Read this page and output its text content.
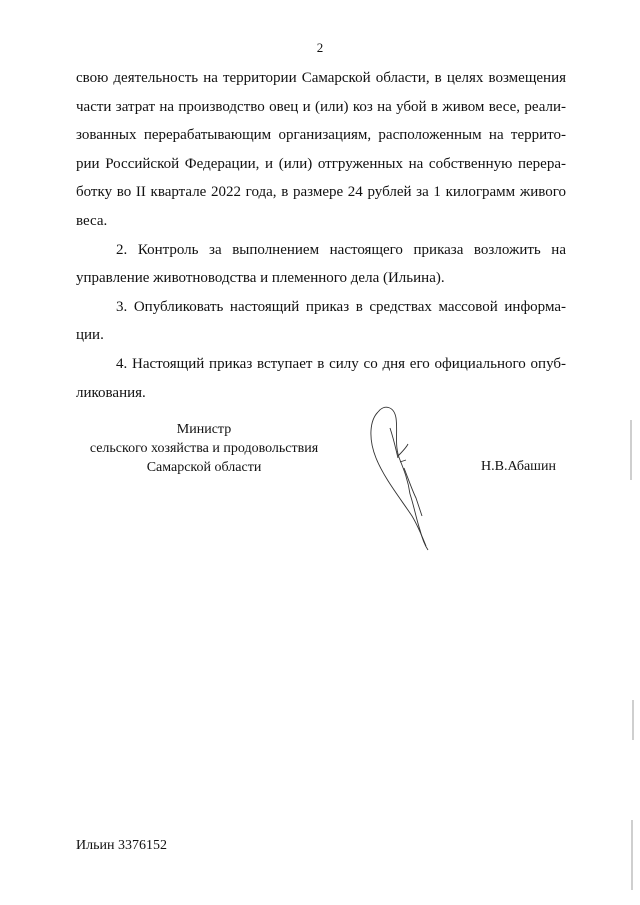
2
свою деятельность на территории Самарской области, в целях возмещения
части затрат на производство овец и (или) коз на убой в живом весе, реали-
зованных перерабатывающим организациям, расположенным на террито-
рии Российской Федерации, и (или) отгруженных на собственную перера-
ботку во II квартале 2022 года, в размере 24 рублей за 1 килограмм живого
веса.
2. Контроль за выполнением настоящего приказа возложить на
управление животноводства и племенного дела (Ильина).
3. Опубликовать настоящий приказ в средствах массовой информа-
ции.
4. Настоящий приказ вступает в силу со дня его официального опуб-
ликования.
Министр
сельского хозяйства и продовольствия
Самарской области	Н.В.Абашин
Ильин 3376152
